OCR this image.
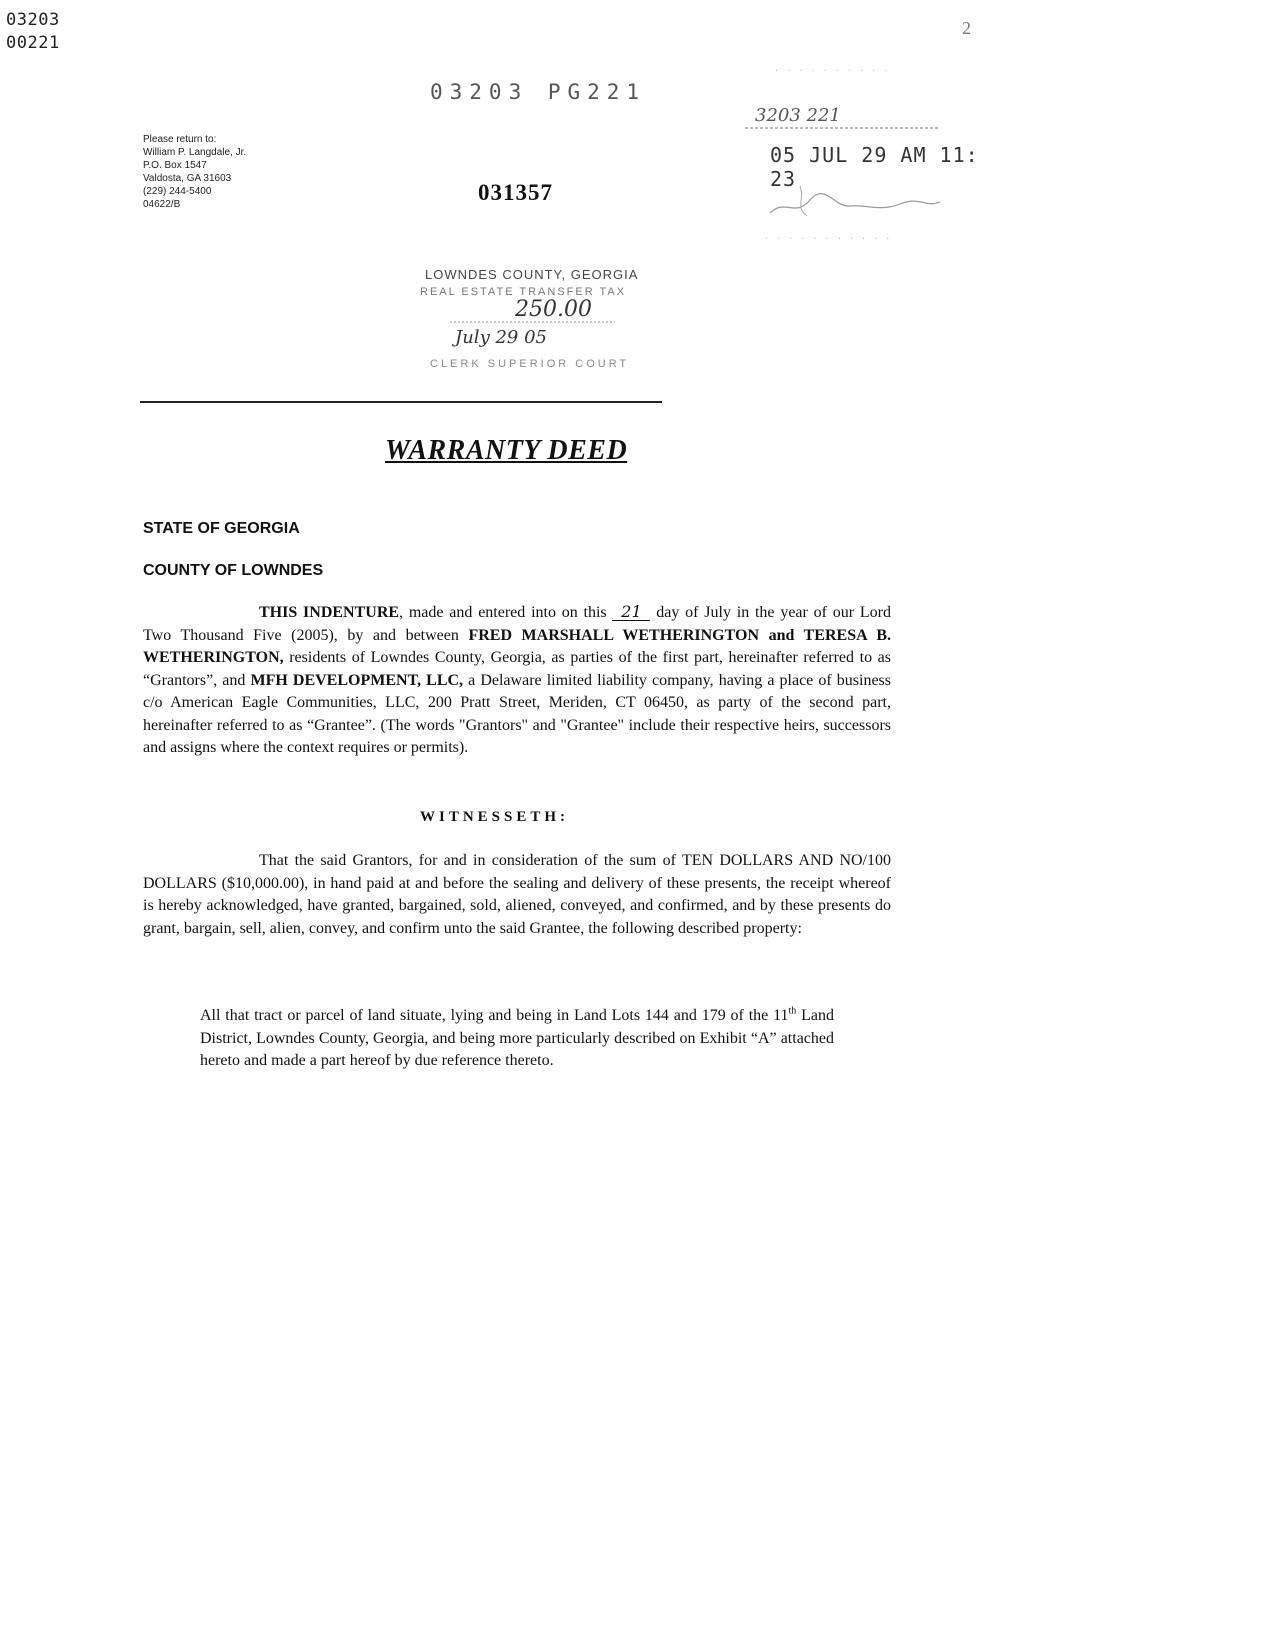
03203
00221
2
03203 PG221
031357
Please return to:
William P. Langdale, Jr.
P.O. Box 1547
Valdosta, GA 31603
(229) 244-5400
04622/B
· · · · · · · · · ·
3203 221
05 JUL 29 AM 11: 23
· · · · · · · · · · ·
LOWNDES COUNTY, GEORGIA
REAL ESTATE TRANSFER TAX
250.00
July 29 05
CLERK SUPERIOR COURT
WARRANTY DEED
STATE OF GEORGIA
COUNTY OF LOWNDES
THIS INDENTURE, made and entered into on this 21 day of July in the year of our Lord Two Thousand Five (2005), by and between FRED MARSHALL WETHERINGTON and TERESA B. WETHERINGTON, residents of Lowndes County, Georgia, as parties of the first part, hereinafter referred to as “Grantors”, and MFH DEVELOPMENT, LLC, a Delaware limited liability company, having a place of business c/o American Eagle Communities, LLC, 200 Pratt Street, Meriden, CT 06450, as party of the second part, hereinafter referred to as “Grantee”. (The words "Grantors" and "Grantee" include their respective heirs, successors and assigns where the context requires or permits).
WITNESSETH:
That the said Grantors, for and in consideration of the sum of TEN DOLLARS AND NO/100 DOLLARS ($10,000.00), in hand paid at and before the sealing and delivery of these presents, the receipt whereof is hereby acknowledged, have granted, bargained, sold, aliened, conveyed, and confirmed, and by these presents do grant, bargain, sell, alien, convey, and confirm unto the said Grantee, the following described property:
All that tract or parcel of land situate, lying and being in Land Lots 144 and 179 of the 11th Land District, Lowndes County, Georgia, and being more particularly described on Exhibit “A” attached hereto and made a part hereof by due reference thereto.
